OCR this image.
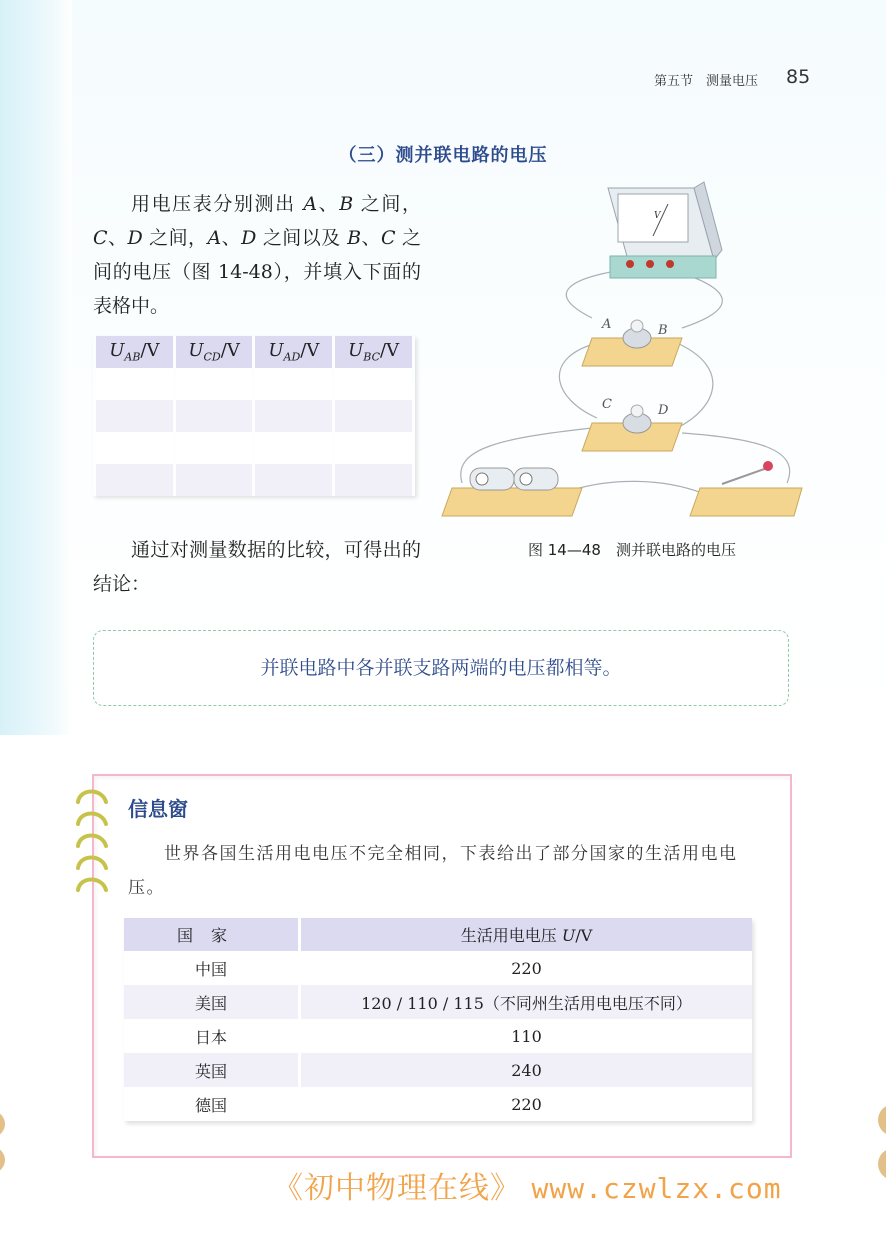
第五节　测量电压 85
（三）测并联电路的电压
用电压表分别测出 A、B 之间，C、D 之间，A、D 之间以及 B、C 之间的电压（图 14-48），并填入下面的表格中。
$U_{AB}/V$	$U_{CD}/V$	$U_{AD}/V$	$U_{BC}/V$

V
A	B
C	D
图 14—48　测并联电路的电压
通过对测量数据的比较，可得出的结论：
并联电路中各并联支路两端的电压都相等。
信息窗
世界各国生活用电电压不完全相同，下表给出了部分国家的生活用电电压。
国家	生活用电电压 U/V
中国	220
美国	120 / 110 / 115（不同州生活用电电压不同）
日本	110
英国	240
德国	220
《初中物理在线》 www.czwlzx.com
